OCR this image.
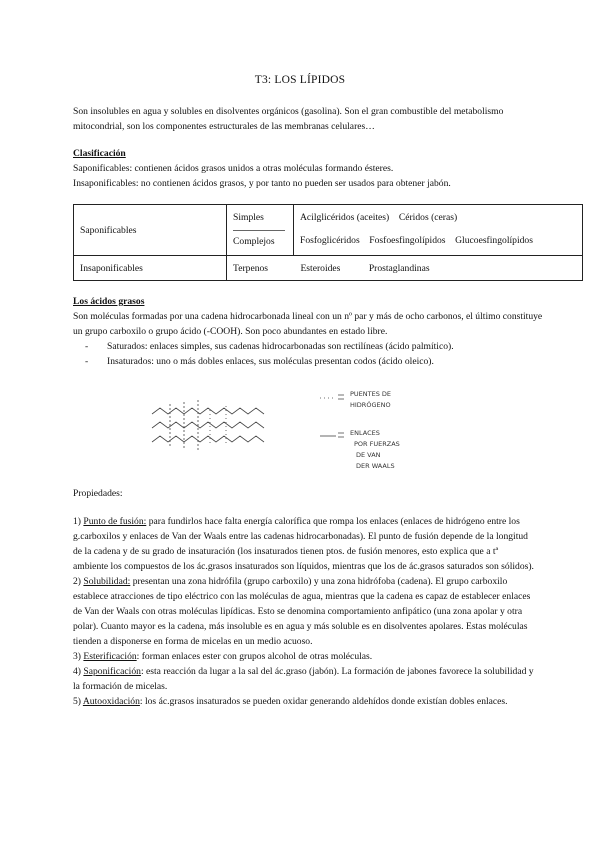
T3: LOS LÍPIDOS

Son insolubles en agua y solubles en disolventes orgánicos (gasolina). Son el gran combustible del metabolismo mitocondrial, son los componentes estructurales de las membranas celulares…

Clasificación

Saponificables: contienen ácidos grasos unidos a otras moléculas formando ésteres.

Insaponificables: no contienen ácidos grasos, y por tanto no pueden ser usados para obtener jabón.

Saponificables	Simples	Acilglicéridos (aceites) Céridos (ceras)

	Complejos	Fosfoglicéridos Fosfoesfingolípidos Glucoesfingolípidos

Insaponificables	Terpenos Esteroides Prostaglandinas	

Los ácidos grasos

Son moléculas formadas por una cadena hidrocarbonada lineal con un nº par y más de ocho carbonos, el último constituye un grupo carboxilo o grupo ácido (-COOH). Son poco abundantes en estado libre.

- Saturados: enlaces simples, sus cadenas hidrocarbonadas son rectilíneas (ácido palmítico).
- Insaturados: uno o más dobles enlaces, sus moléculas presentan codos (ácido oleico).
PUENTES DE
HIDRÓGENO
ENLACES
POR FUERZAS
DE VAN
DER WAALS

Propiedades:

1) Punto de fusión: para fundirlos hace falta energía calorífica que rompa los enlaces (enlaces de hidrógeno entre los g.carboxilos y enlaces de Van der Waals entre las cadenas hidrocarbonadas). El punto de fusión depende de la longitud de la cadena y de su grado de insaturación (los insaturados tienen ptos. de fusión menores, esto explica que a tª ambiente los compuestos de los ác.grasos insaturados son líquidos, mientras que los de ác.grasos saturados son sólidos).

2) Solubilidad: presentan una zona hidrófila (grupo carboxilo) y una zona hidrófoba (cadena). El grupo carboxilo establece atracciones de tipo eléctrico con las moléculas de agua, mientras que la cadena es capaz de establecer enlaces de Van der Waals con otras moléculas lipídicas. Esto se denomina comportamiento anfipático (una zona apolar y otra polar). Cuanto mayor es la cadena, más insoluble es en agua y más soluble es en disolventes apolares. Estas moléculas tienden a disponerse en forma de micelas en un medio acuoso.

3) Esterificación: forman enlaces ester con grupos alcohol de otras moléculas.

4) Saponificación: esta reacción da lugar a la sal del ác.graso (jabón). La formación de jabones favorece la solubilidad y la formación de micelas.

5) Autooxidación: los ác.grasos insaturados se pueden oxidar generando aldehídos donde existían dobles enlaces.
